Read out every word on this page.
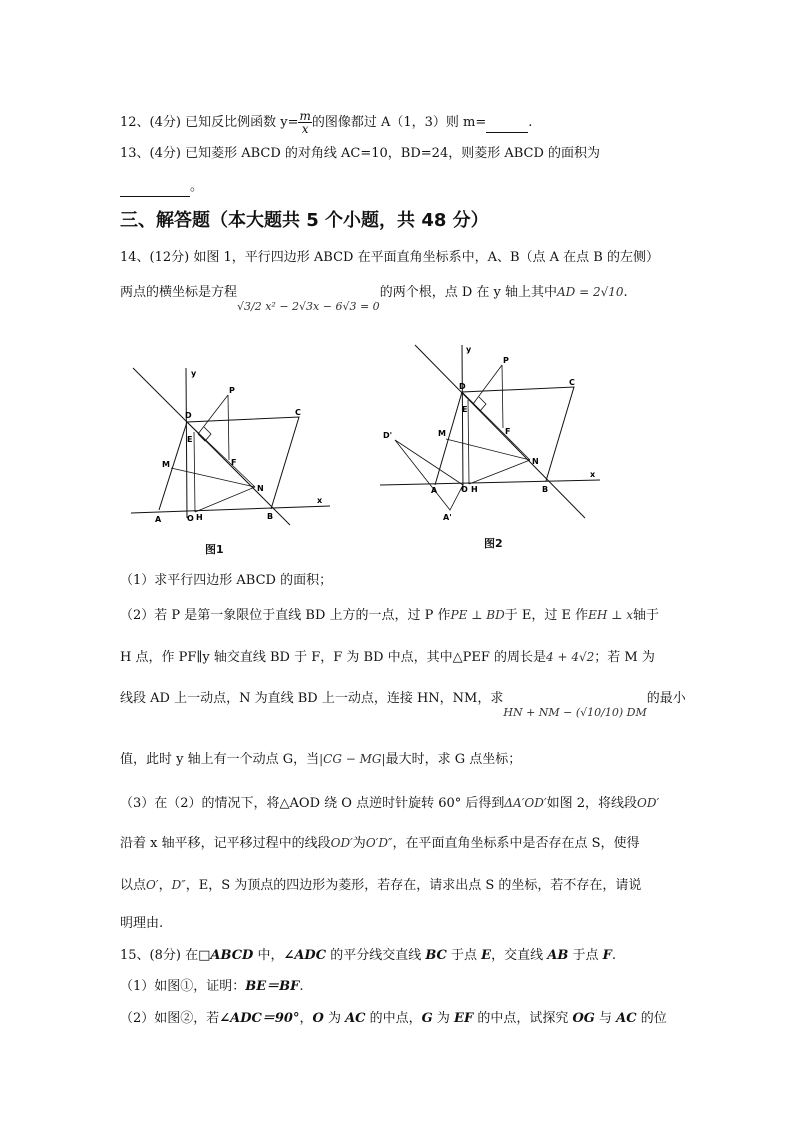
12、(4分) 已知反比例函数 $y= \frac{m}{x}$ 的图像都过 A（1，3）则 m=	.
13、(4分) 已知菱形 ABCD 的对角线 AC=10，BD=24，则菱形 ABCD 的面积为
。
三、解答题（本大题共 5 个小题，共 48 分）
14、(12分) 如图 1，平行四边形 ABCD 在平面直角坐标系中，A、B（点 A 在点 B 的左侧）
两点的横坐标是方程$_{√3/2 x^2 - 2√3x - 6√3 = 0}$的两个根，点 D 在 y 轴上其中AD = 2√10.
y
P
C
D
E
F
M
N
x
A	O H	B
图1
y
P
C
D
E
F
M
D'
N
x
A	O H	B
A'
图2
（1）求平行四边形 ABCD 的面积；
（2）若 P 是第一象限位于直线 BD 上方的一点，过 P 作PE ⊥ BD于 E，过 E 作EH ⊥ x轴于
H 点，作 PF∥y 轴交直线 BD 于 F，F 为 BD 中点，其中△PEF 的周长是4 + 4√2；若 M 为
线段 AD 上一动点，N 为直线 BD 上一动点，连接 HN，NM，求$_{HN + NM - (√10/10) DM}$的最小
值，此时 y 轴上有一个动点 G，当|CG − MG|最大时，求 G 点坐标；
（3）在（2）的情况下，将△AOD 绕 O 点逆时针旋转 60° 后得到ΔA′OD′如图 2，将线段OD′
沿着 x 轴平移，记平移过程中的线段OD′为O′D″，在平面直角坐标系中是否存在点 S，使得
以点O′，D″，E，S 为顶点的四边形为菱形，若存在，请求出点 S 的坐标，若不存在，请说
明理由.
15、(8分) 在□ABCD 中，∠ADC 的平分线交直线 BC 于点 E，交直线 AB 于点 F.
（1）如图①，证明：BE＝BF.
（2）如图②，若∠ADC＝90°，O 为 AC 的中点，G 为 EF 的中点，试探究 OG 与 AC 的位
